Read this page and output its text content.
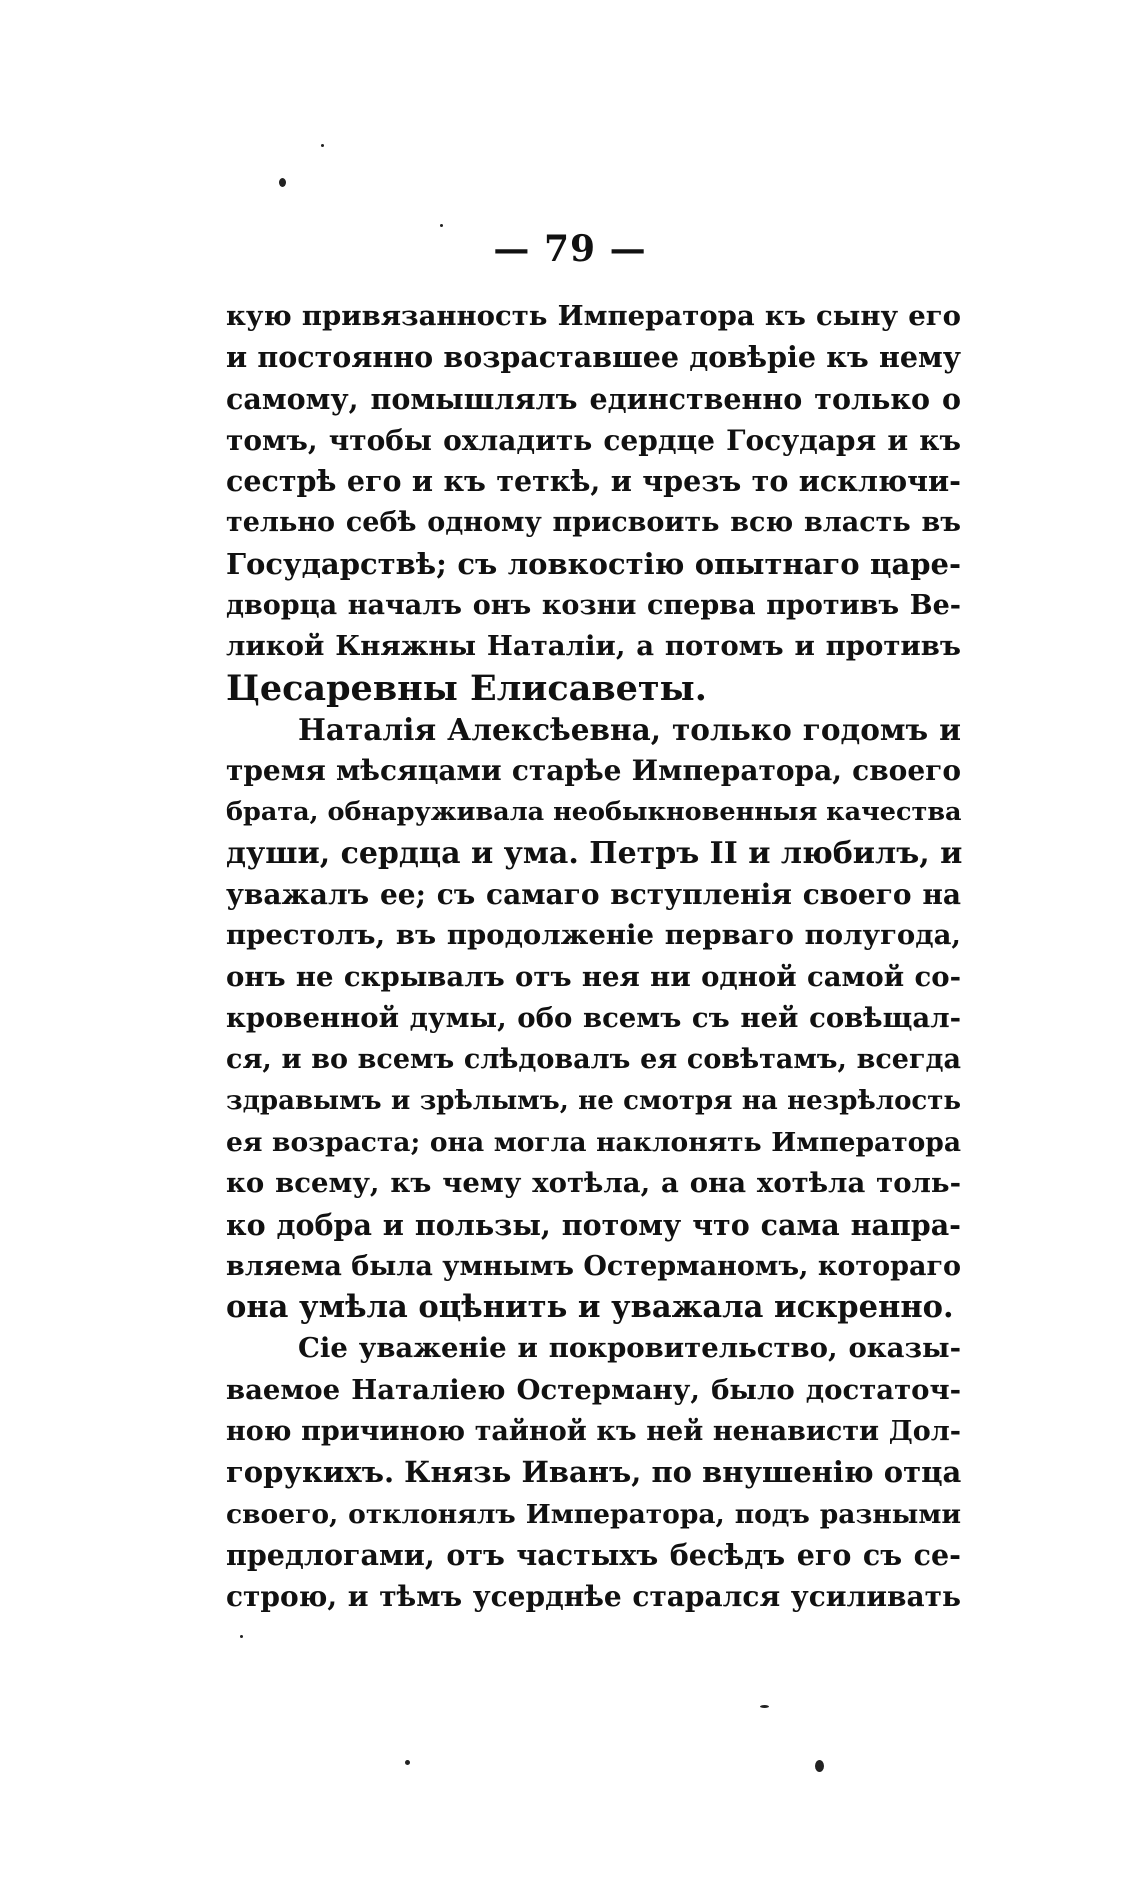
— 79 —
кую привязанность Императора къ сыну его
и постоянно возраставшее довѣріе къ нему
самому, помышлялъ единственно только о
томъ, чтобы охладить сердце Государя и къ
сестрѣ его и къ теткѣ, и чрезъ то исключи-
тельно себѣ одному присвоить всю власть въ
Государствѣ; съ ловкостію опытнаго царе-
дворца началъ онъ козни сперва противъ Ве-
ликой Княжны Наталіи, а потомъ и противъ
Цесаревны Елисаветы.
Наталія Алексѣевна, только годомъ и
тремя мѣсяцами старѣе Императора, своего
брата, обнаруживала необыкновенныя качества
души, сердца и ума. Петръ II и любилъ, и
уважалъ ее; съ самаго вступленія своего на
престолъ, въ продолженіе перваго полугода,
онъ не скрывалъ отъ нея ни одной самой со-
кровенной думы, обо всемъ съ ней совѣщал-
ся, и во всемъ слѣдовалъ ея совѣтамъ, всегда
здравымъ и зрѣлымъ, не смотря на незрѣлость
ея возраста; она могла наклонять Императора
ко всему, къ чему хотѣла, а она хотѣла толь-
ко добра и пользы, потому что сама напра-
вляема была умнымъ Остерманомъ, котораго
она умѣла оцѣнить и уважала искренно.
Сіе уваженіе и покровительство, оказы-
ваемое Наталіею Остерману, было достаточ-
ною причиною тайной къ ней ненависти Дол-
горукихъ. Князь Иванъ, по внушенію отца
своего, отклонялъ Императора, подъ разными
предлогами, отъ частыхъ бесѣдъ его съ се-
строю, и тѣмъ усерднѣе старался усиливать
